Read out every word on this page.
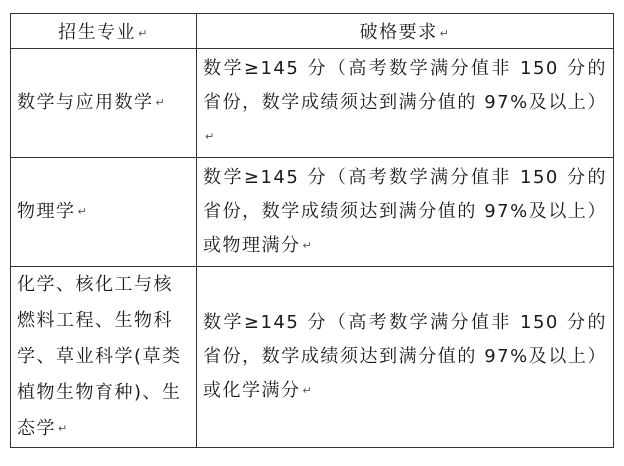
招生专业 ↵	破格要求 ↵
数学与应用数学 ↵	数学≥145 分（高考数学满分值非 150 分的省份，数学成绩须达到满分值的 97%及以上）↵
物理学 ↵	数学≥145 分（高考数学满分值非 150 分的省份，数学成绩须达到满分值的 97%及以上）或物理满分 ↵
化学、核化工与核燃料工程、生物科学、草业科学(草类植物生物育种)、生态学 ↵	数学≥145 分（高考数学满分值非 150 分的省份，数学成绩须达到满分值的 97%及以上）或化学满分 ↵
